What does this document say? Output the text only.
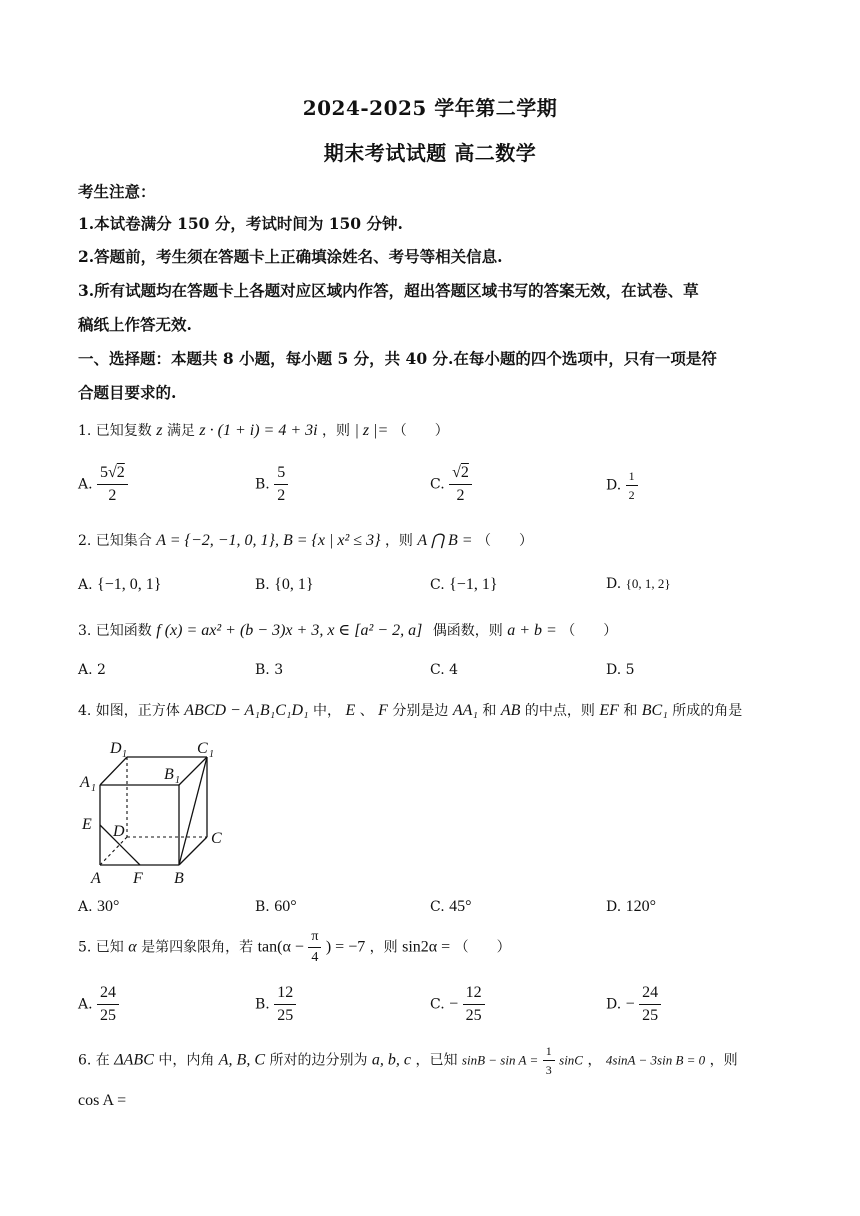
2024-2025 学年第二学期
期末考试试题 高二数学
考生注意：
1.本试卷满分 150 分，考试时间为 150 分钟.
2.答题前，考生须在答题卡上正确填涂姓名、考号等相关信息.
3.所有试题均在答题卡上各题对应区域内作答，超出答题区域书写的答案无效，在试卷、草
稿纸上作答无效.
一、选择题：本题共 8 小题，每小题 5 分，共 40 分.在每小题的四个选项中，只有一项是符
合题目要求的.
1. 已知复数 z 满足 z · (1 + i) = 4 + 3i ，则 | z |= （　　）
A. $\frac{5√2}{2}$	B. $\frac{5}{2}$	C. $\frac{√2}{2}$	D. $\frac{1}{2}$
2. 已知集合 A = {−2, −1, 0, 1}, B = {x | x² ≤ 3} ，则 A ⋂ B = （　　）
A. {−1, 0, 1}	B. {0, 1}	C. {−1, 1}	D. {0, 1, 2}
3. 已知函数 f (x) = ax² + (b − 3)x + 3, x ∈ [a² − 2, a] 偶函数，则 a + b = （　　）
A. 2	B. 3	C. 4	D. 5
4. 如图，正方体 ABCD − A₁B₁C₁D₁ 中， E 、 F 分别是边 AA₁ 和 AB 的中点，则 EF 和 BC₁ 所成的角是
D 1	C 1
A 1
B 1
E D	C
A F B
A. 30°	B. 60°	C. 45°	D. 120°
5. 已知 α 是第四象限角，若 $\tan(\alpha - \frac{\pi}{4}$ ) = −7 ，则 sin2α = （　　）
A. $\frac{24}{25}$	B. $\frac{12}{25}$	C. − $\frac{12}{25}$	D. − $\frac{24}{25}$
6. 在 ΔABC 中，内角 A, B, C 所对的边分别为 a, b, c ，已知 $\sin B - \sin A = \frac{1}{3}$ sinC ， 4sinA − 3sin B = 0 ，则
cos A =
